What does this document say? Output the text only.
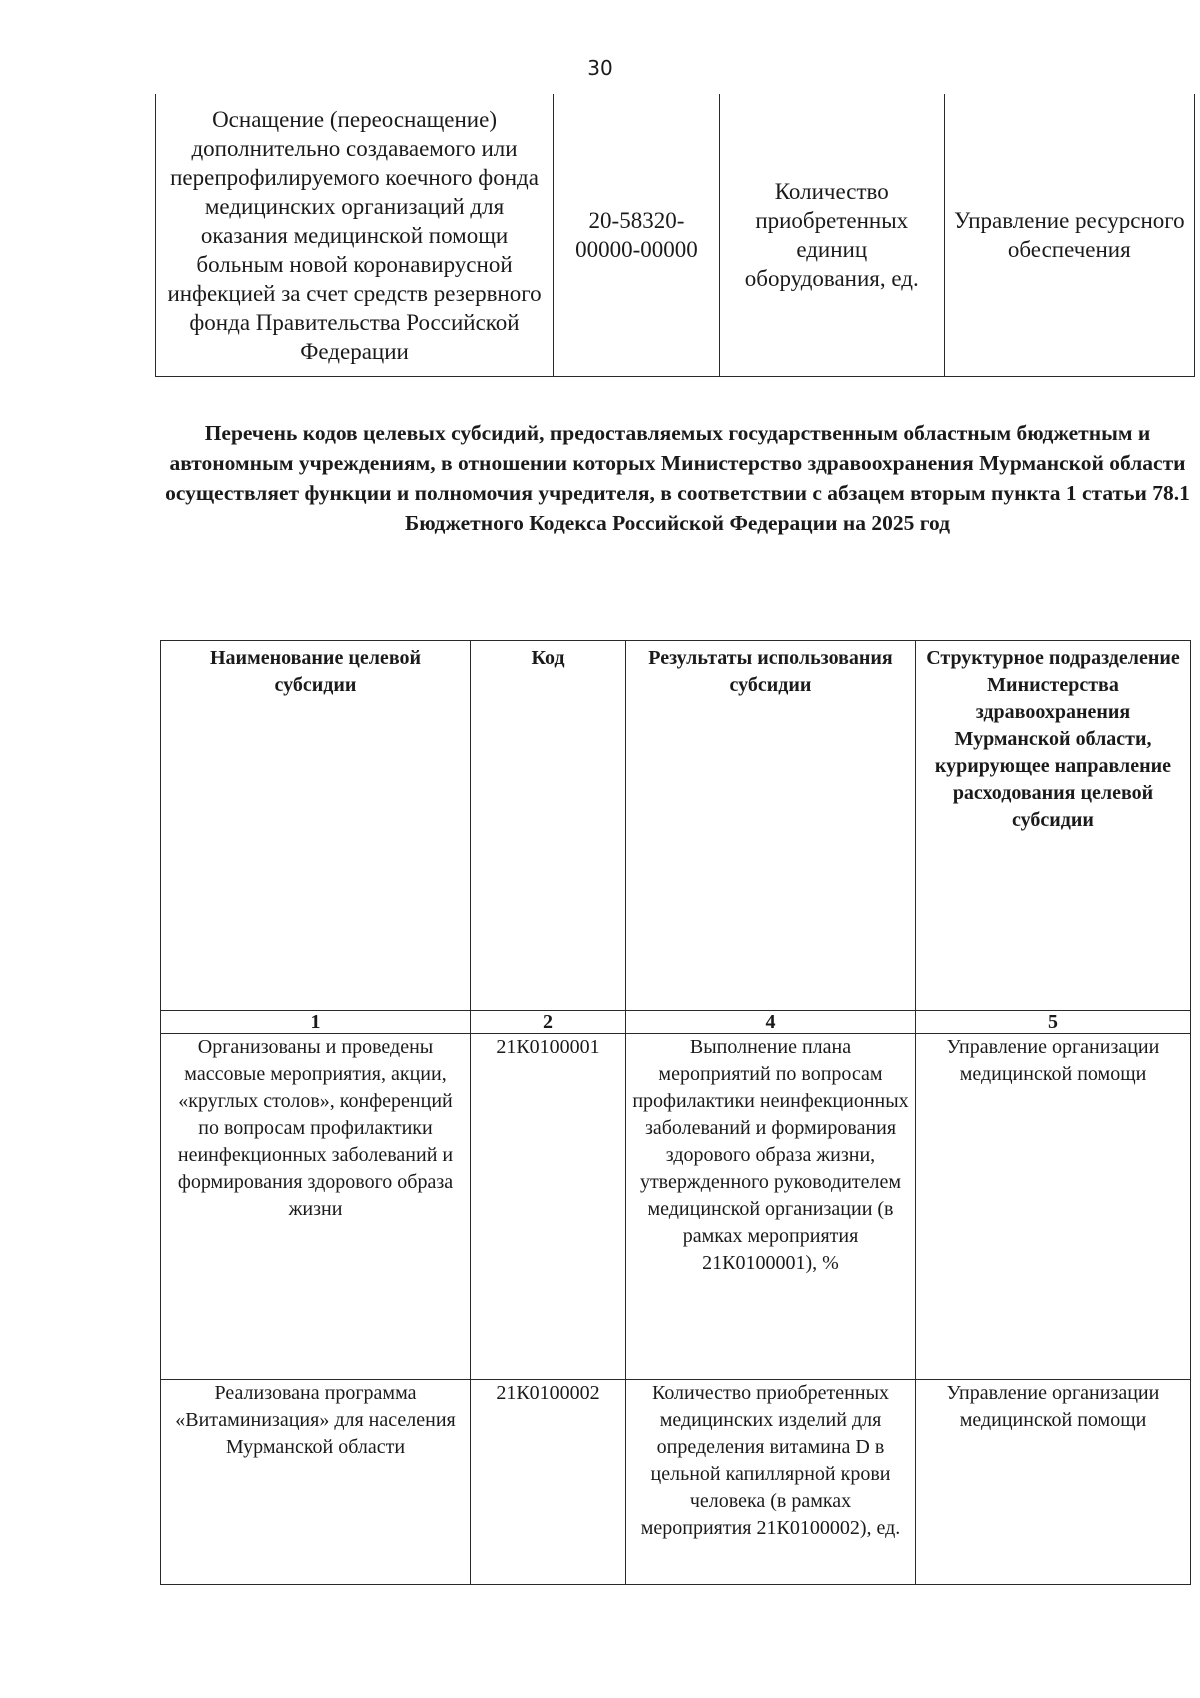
30
Оснащение (переоснащение) дополнительно создаваемого или перепрофилируемого коечного фонда медицинских организаций для оказания медицинской помощи больным новой коронавирусной инфекцией за счет средств резервного фонда Правительства Российской Федерации	20-58320-00000-00000	Количество приобретенных единиц оборудования, ед.	Управление ресурсного обеспечения

Перечень кодов целевых субсидий, предоставляемых государственным областным бюджетным и автономным учреждениям, в отношении которых Министерство здравоохранения Мурманской области осуществляет функции и полномочия учредителя, в соответствии с абзацем вторым пункта 1 статьи 78.1 Бюджетного Кодекса Российской Федерации на 2025 год

Наименование целевой субсидии	Код	Результаты использования субсидии	Структурное подразделение Министерства здравоохранения Мурманской области, курирующее направление расходования целевой субсидии
1	2	4	5
Организованы и проведены массовые мероприятия, акции, «круглых столов», конференций по вопросам профилактики неинфекционных заболеваний и формирования здорового образа жизни	21К0100001	Выполнение плана мероприятий по вопросам профилактики неинфекционных заболеваний и формирования здорового образа жизни, утвержденного руководителем медицинской организации (в рамках мероприятия 21К0100001), %	Управление организации медицинской помощи
Реализована программа «Витаминизация» для населения Мурманской области	21К0100002	Количество приобретенных медицинских изделий для определения витамина D в цельной капиллярной крови человека (в рамках мероприятия 21К0100002), ед.	Управление организации медицинской помощи
